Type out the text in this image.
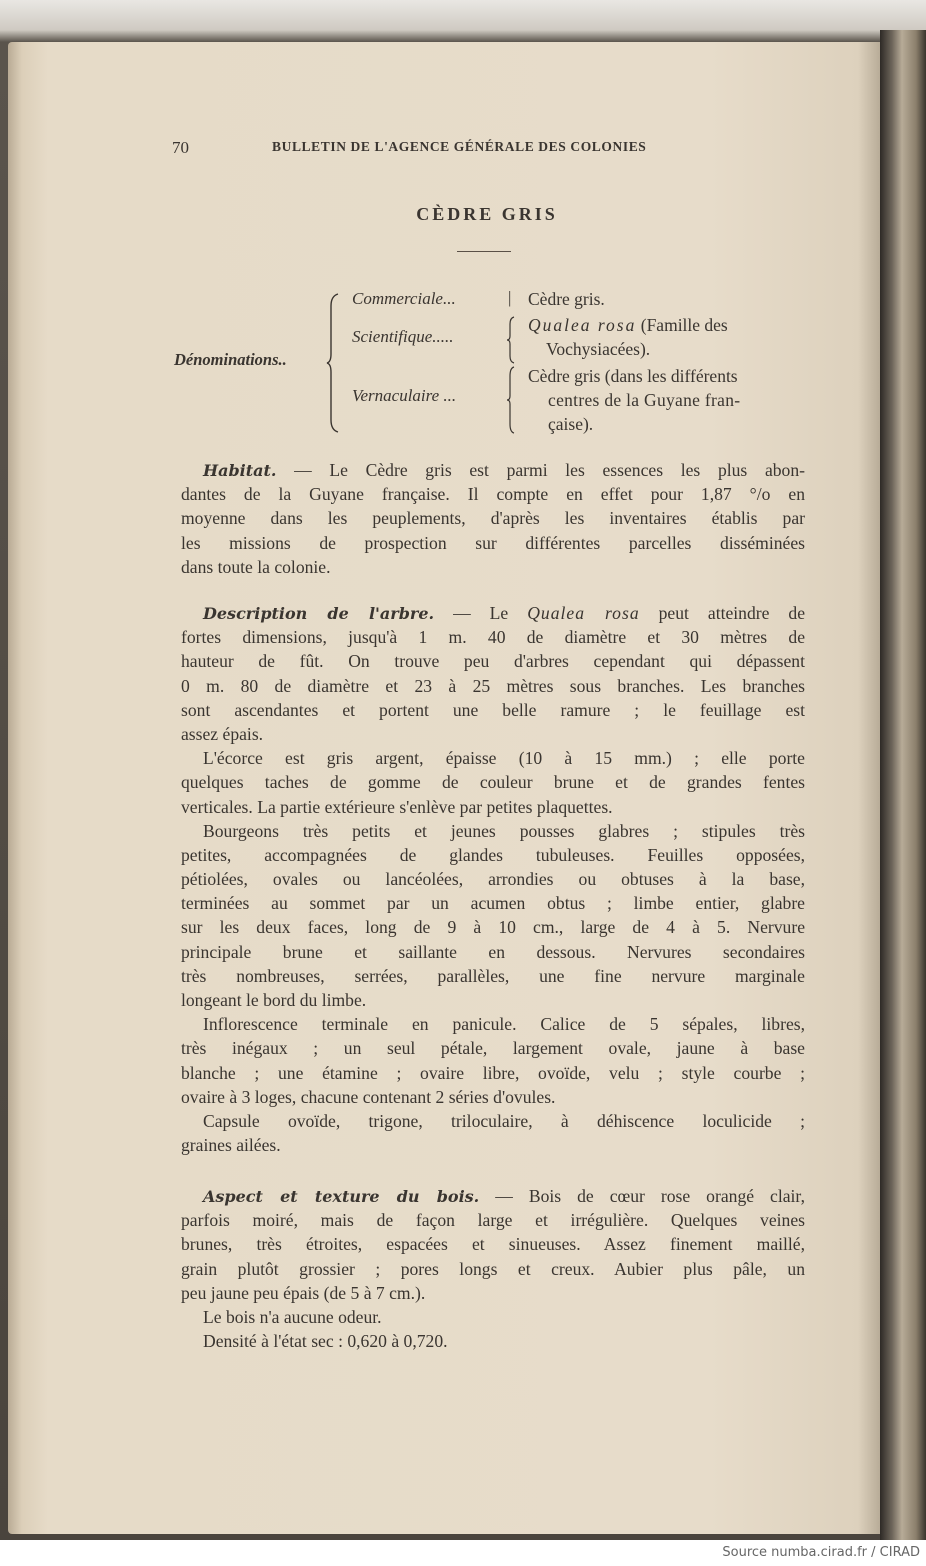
70	BULLETIN DE L'AGENCE GÉNÉRALE DES COLONIES
CÈDRE GRIS
Dénominations..
Commerciale...	| Cèdre gris.
Scientifique.....
Qualea rosa (Famille des
Vochysiacées).
Vernaculaire ...
Cèdre gris (dans les différents
centres de la Guyane fran-
çaise).
Habitat. — Le Cèdre gris est parmi les essences les plus abon-
dantes de la Guyane française. Il compte en effet pour 1,87 °/o en
moyenne dans les peuplements, d'après les inventaires établis par
les missions de prospection sur différentes parcelles disséminées
dans toute la colonie.
Description de l'arbre. — Le Qualea rosa peut atteindre de
fortes dimensions, jusqu'à 1 m. 40 de diamètre et 30 mètres de
hauteur de fût. On trouve peu d'arbres cependant qui dépassent
0 m. 80 de diamètre et 23 à 25 mètres sous branches. Les branches
sont ascendantes et portent une belle ramure ; le feuillage est
assez épais.
L'écorce est gris argent, épaisse (10 à 15 mm.) ; elle porte
quelques taches de gomme de couleur brune et de grandes fentes
verticales. La partie extérieure s'enlève par petites plaquettes.
Bourgeons très petits et jeunes pousses glabres ; stipules très
petites, accompagnées de glandes tubuleuses. Feuilles opposées,
pétiolées, ovales ou lancéolées, arrondies ou obtuses à la base,
terminées au sommet par un acumen obtus ; limbe entier, glabre
sur les deux faces, long de 9 à 10 cm., large de 4 à 5. Nervure
principale brune et saillante en dessous. Nervures secondaires
très nombreuses, serrées, parallèles, une fine nervure marginale
longeant le bord du limbe.
Inflorescence terminale en panicule. Calice de 5 sépales, libres,
très inégaux ; un seul pétale, largement ovale, jaune à base
blanche ; une étamine ; ovaire libre, ovoïde, velu ; style courbe ;
ovaire à 3 loges, chacune contenant 2 séries d'ovules.
Capsule ovoïde, trigone, triloculaire, à déhiscence loculicide ;
graines ailées.
Aspect et texture du bois. — Bois de cœur rose orangé clair,
parfois moiré, mais de façon large et irrégulière. Quelques veines
brunes, très étroites, espacées et sinueuses. Assez finement maillé,
grain plutôt grossier ; pores longs et creux. Aubier plus pâle, un
peu jaune peu épais (de 5 à 7 cm.).
Le bois n'a aucune odeur.
Densité à l'état sec : 0,620 à 0,720.
Source numba.cirad.fr / CIRAD
